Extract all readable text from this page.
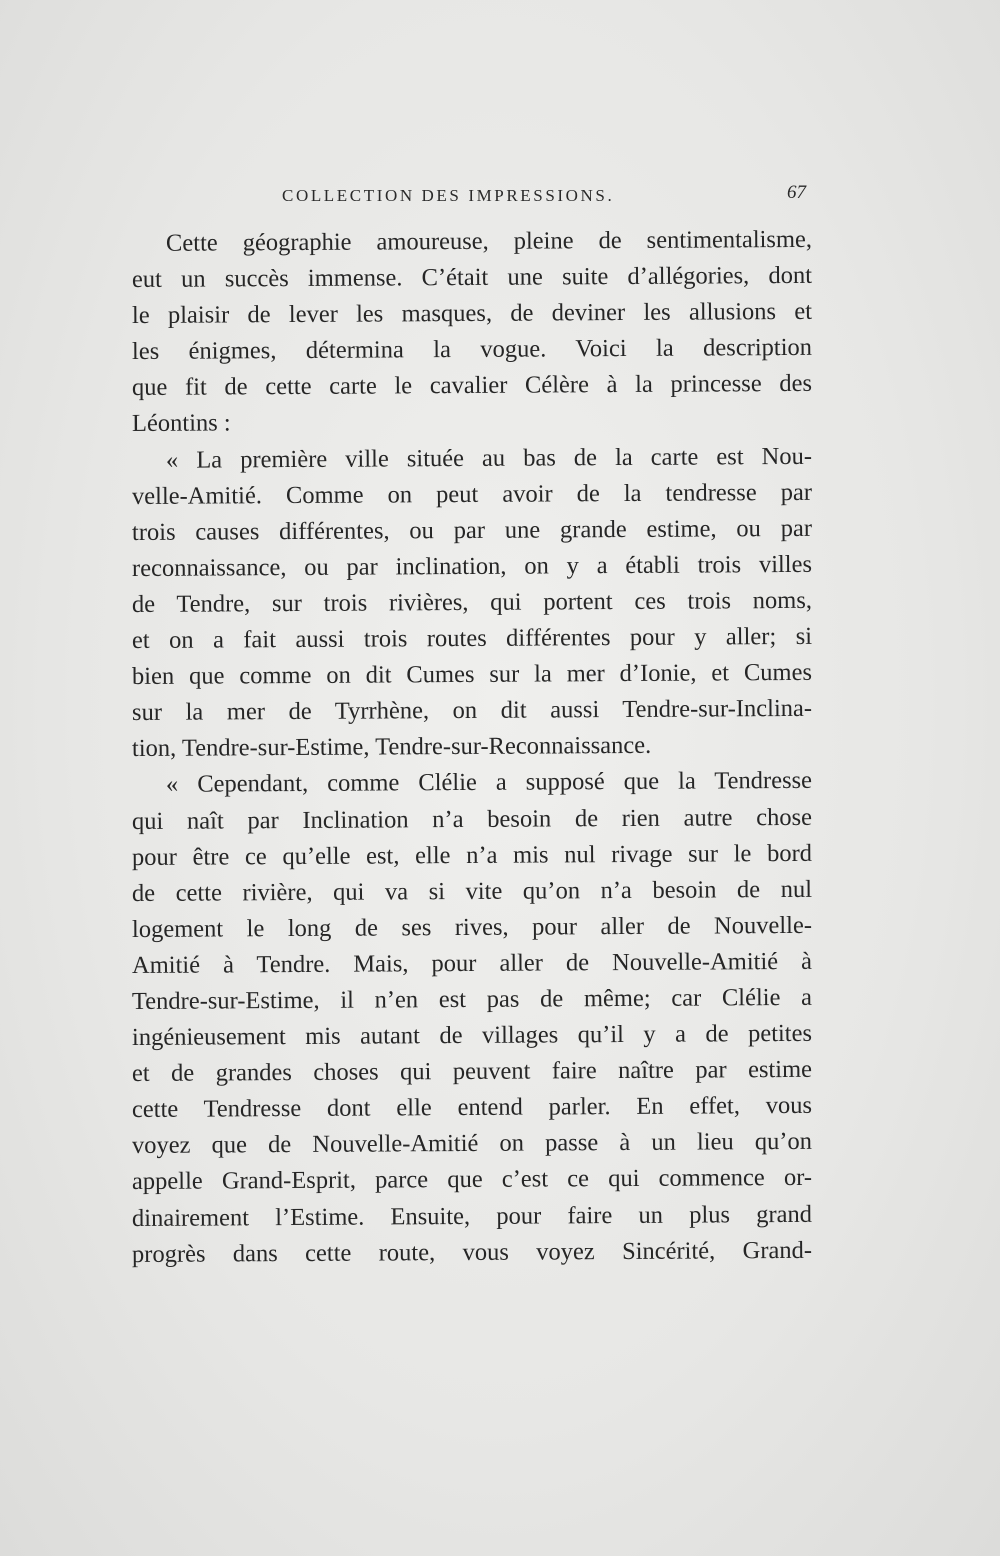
COLLECTION DES IMPRESSIONS.	67
Cette géographie amoureuse, pleine de sentimentalisme,
eut un succès immense. C’était une suite d’allégories, dont
le plaisir de lever les masques, de deviner les allusions et
les énigmes, détermina la vogue. Voici la description
que fit de cette carte le cavalier Célère à la princesse des
Léontins :
« La première ville située au bas de la carte est Nou-
velle-Amitié. Comme on peut avoir de la tendresse par
trois causes différentes, ou par une grande estime, ou par
reconnaissance, ou par inclination, on y a établi trois villes
de Tendre, sur trois rivières, qui portent ces trois noms,
et on a fait aussi trois routes différentes pour y aller; si
bien que comme on dit Cumes sur la mer d’Ionie, et Cumes
sur la mer de Tyrrhène, on dit aussi Tendre-sur-Inclina-
tion, Tendre-sur-Estime, Tendre-sur-Reconnaissance.
« Cependant, comme Clélie a supposé que la Tendresse
qui naît par Inclination n’a besoin de rien autre chose
pour être ce qu’elle est, elle n’a mis nul rivage sur le bord
de cette rivière, qui va si vite qu’on n’a besoin de nul
logement le long de ses rives, pour aller de Nouvelle-
Amitié à Tendre. Mais, pour aller de Nouvelle-Amitié à
Tendre-sur-Estime, il n’en est pas de même; car Clélie a
ingénieusement mis autant de villages qu’il y a de petites
et de grandes choses qui peuvent faire naître par estime
cette Tendresse dont elle entend parler. En effet, vous
voyez que de Nouvelle-Amitié on passe à un lieu qu’on
appelle Grand-Esprit, parce que c’est ce qui commence or-
dinairement l’Estime. Ensuite, pour faire un plus grand
progrès dans cette route, vous voyez Sincérité, Grand-
